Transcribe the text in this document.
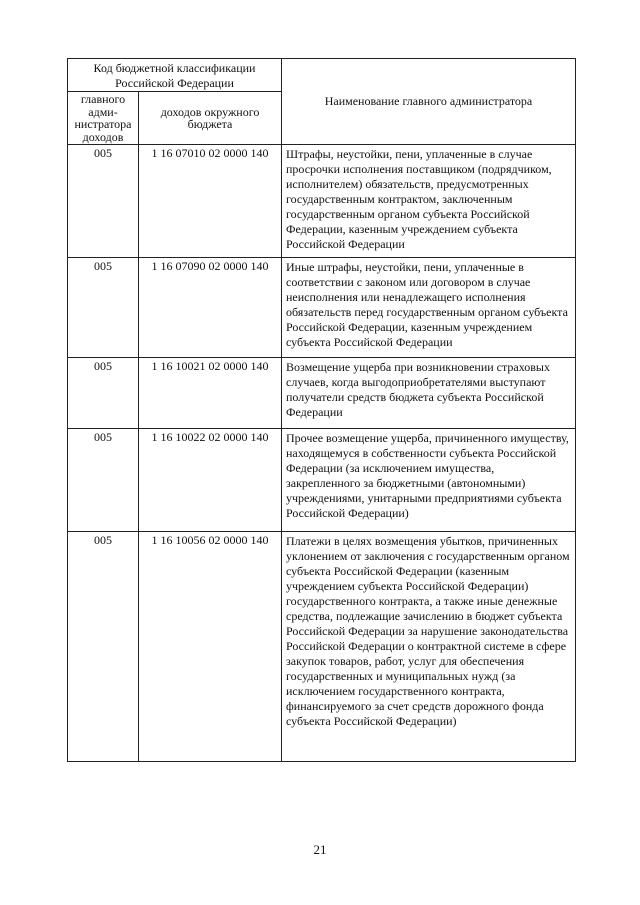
Код бюджетной классификации Российской Федерации		Наименование главного администратора
главного адми-нистратора доходов	доходов окружного бюджета	
005	1 16 07010 02 0000 140	Штрафы, неустойки, пени, уплаченные в случае просрочки исполнения поставщиком (подрядчиком, исполнителем) обязательств, предусмотренных государственным контрактом, заключенным государственным органом субъекта Российской Федерации, казенным учреждением субъекта Российской Федерации
005	1 16 07090 02 0000 140	Иные штрафы, неустойки, пени, уплаченные в соответствии с законом или договором в случае неисполнения или ненадлежащего исполнения обязательств перед государственным органом субъекта Российской Федерации, казенным учреждением субъекта Российской Федерации
005	1 16 10021 02 0000 140	Возмещение ущерба при возникновении страховых случаев, когда выгодоприобретателями выступают получатели средств бюджета субъекта Российской Федерации
005	1 16 10022 02 0000 140	Прочее возмещение ущерба, причиненного имуществу, находящемуся в собственности субъекта Российской Федерации (за исключением имущества, закрепленного за бюджетными (автономными) учреждениями, унитарными предприятиями субъекта Российской Федерации)
005	1 16 10056 02 0000 140	Платежи в целях возмещения убытков, причиненных уклонением от заключения с государственным органом субъекта Российской Федерации (казенным учреждением субъекта Российской Федерации) государственного контракта, а также иные денежные средства, подлежащие зачислению в бюджет субъекта Российской Федерации за нарушение законодательства Российской Федерации о контрактной системе в сфере закупок товаров, работ, услуг для обеспечения государственных и муниципальных нужд (за исключением государственного контракта, финансируемого за счет средств дорожного фонда субъекта Российской Федерации)
21
